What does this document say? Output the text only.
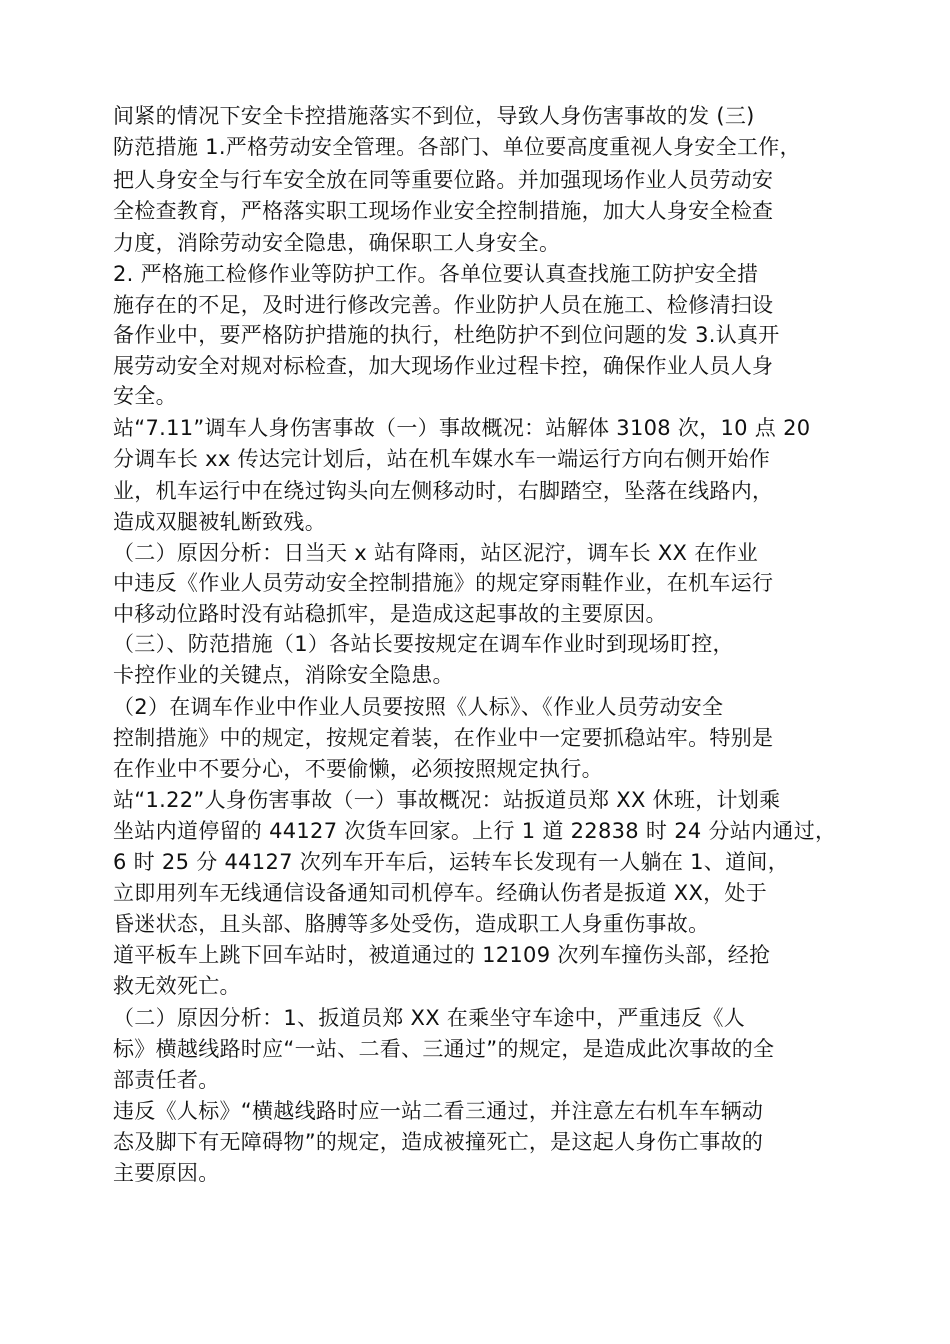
间紧的情况下安全卡控措施落实不到位，导致人身伤害事故的发 (三)
防范措施 1.严格劳动安全管理。各部门、单位要高度重视人身安全工作，
把人身安全与行车安全放在同等重要位路。并加强现场作业人员劳动安
全检查教育，严格落实职工现场作业安全控制措施，加大人身安全检查
力度，消除劳动安全隐患，确保职工人身安全。
2. 严格施工检修作业等防护工作。各单位要认真查找施工防护安全措
施存在的不足，及时进行修改完善。作业防护人员在施工、检修清扫设
备作业中，要严格防护措施的执行，杜绝防护不到位问题的发 3.认真开
展劳动安全对规对标检查，加大现场作业过程卡控，确保作业人员人身
安全。
站“7.11”调车人身伤害事故（一）事故概况：站解体 3108 次，10 点 20
分调车长 xx 传达完计划后，站在机车媒水车一端运行方向右侧开始作
业，机车运行中在绕过钩头向左侧移动时，右脚踏空，坠落在线路内，
造成双腿被轧断致残。
（二）原因分析：日当天 x 站有降雨，站区泥泞，调车长 XX 在作业
中违反《作业人员劳动安全控制措施》的规定穿雨鞋作业，在机车运行
中移动位路时没有站稳抓牢，是造成这起事故的主要原因。
（三）、防范措施（1）各站长要按规定在调车作业时到现场盯控，
卡控作业的关键点，消除安全隐患。
（2）在调车作业中作业人员要按照《人标》、《作业人员劳动安全
控制措施》中的规定，按规定着装，在作业中一定要抓稳站牢。特别是
在作业中不要分心，不要偷懒，必须按照规定执行。
站“1.22”人身伤害事故（一）事故概况：站扳道员郑 XX 休班，计划乘
坐站内道停留的 44127 次货车回家。上行 1 道 22838 时 24 分站内通过，
6 时 25 分 44127 次列车开车后，运转车长发现有一人躺在 1、道间，
立即用列车无线通信设备通知司机停车。经确认伤者是扳道 XX，处于
昏迷状态，且头部、胳膊等多处受伤，造成职工人身重伤事故。
道平板车上跳下回车站时，被道通过的 12109 次列车撞伤头部，经抢
救无效死亡。
（二）原因分析：1、扳道员郑 XX 在乘坐守车途中，严重违反《人
标》横越线路时应“一站、二看、三通过”的规定，是造成此次事故的全
部责任者。
违反《人标》“横越线路时应一站二看三通过，并注意左右机车车辆动
态及脚下有无障碍物”的规定，造成被撞死亡，是这起人身伤亡事故的
主要原因。
